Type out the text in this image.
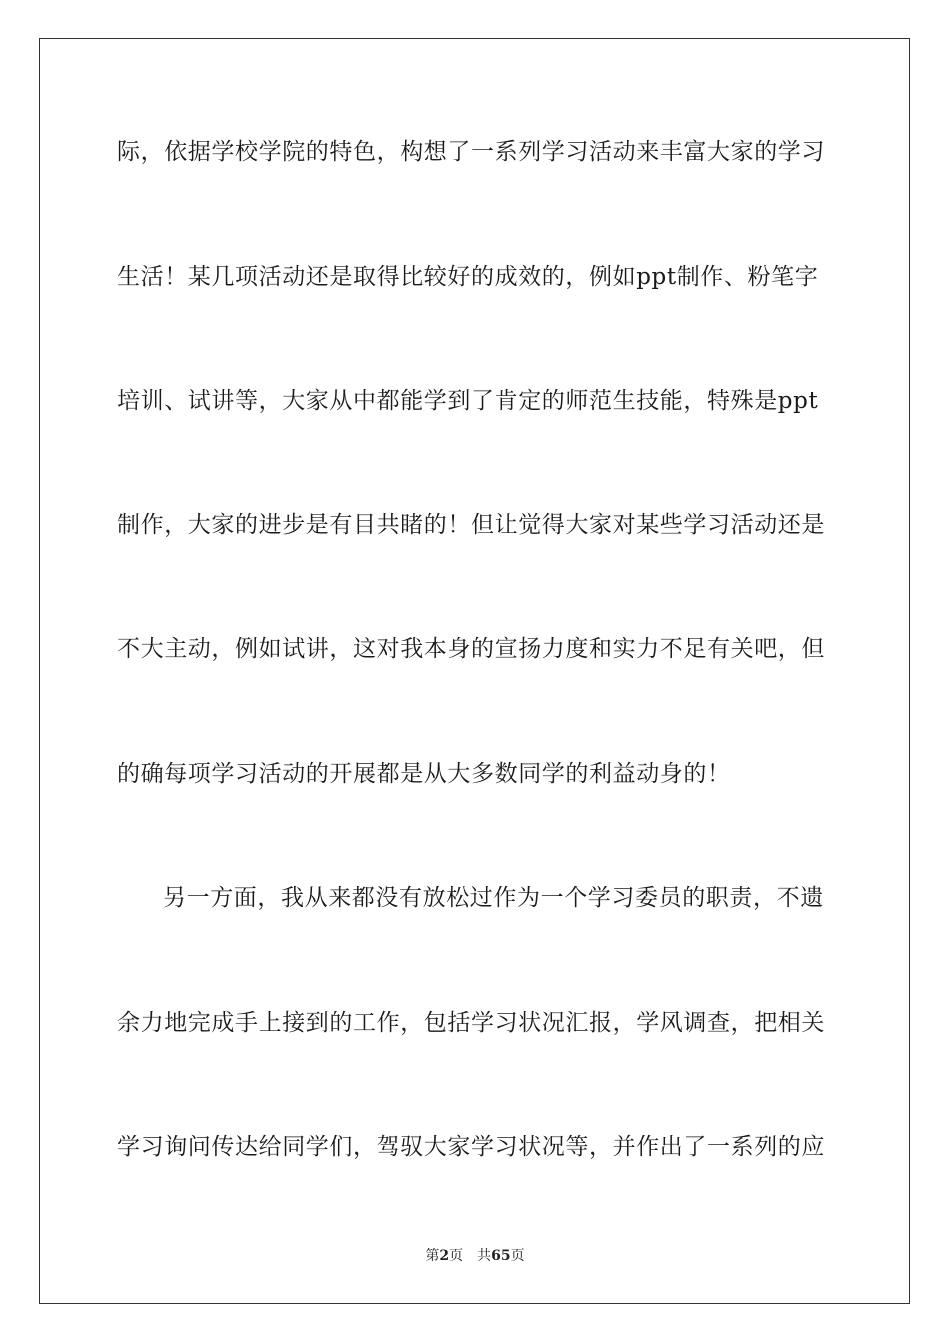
际，依据学校学院的特色，构想了一系列学习活动来丰富大家的学习
生活！某几项活动还是取得比较好的成效的，例如ppt制作、粉笔字
培训、试讲等，大家从中都能学到了肯定的师范生技能，特殊是ppt
制作，大家的进步是有目共睹的！但让觉得大家对某些学习活动还是
不大主动，例如试讲，这对我本身的宣扬力度和实力不足有关吧，但
的确每项学习活动的开展都是从大多数同学的利益动身的！
另一方面，我从来都没有放松过作为一个学习委员的职责，不遗
余力地完成手上接到的工作，包括学习状况汇报，学风调查，把相关
学习询问传达给同学们，驾驭大家学习状况等，并作出了一系列的应
第2页 共65页
